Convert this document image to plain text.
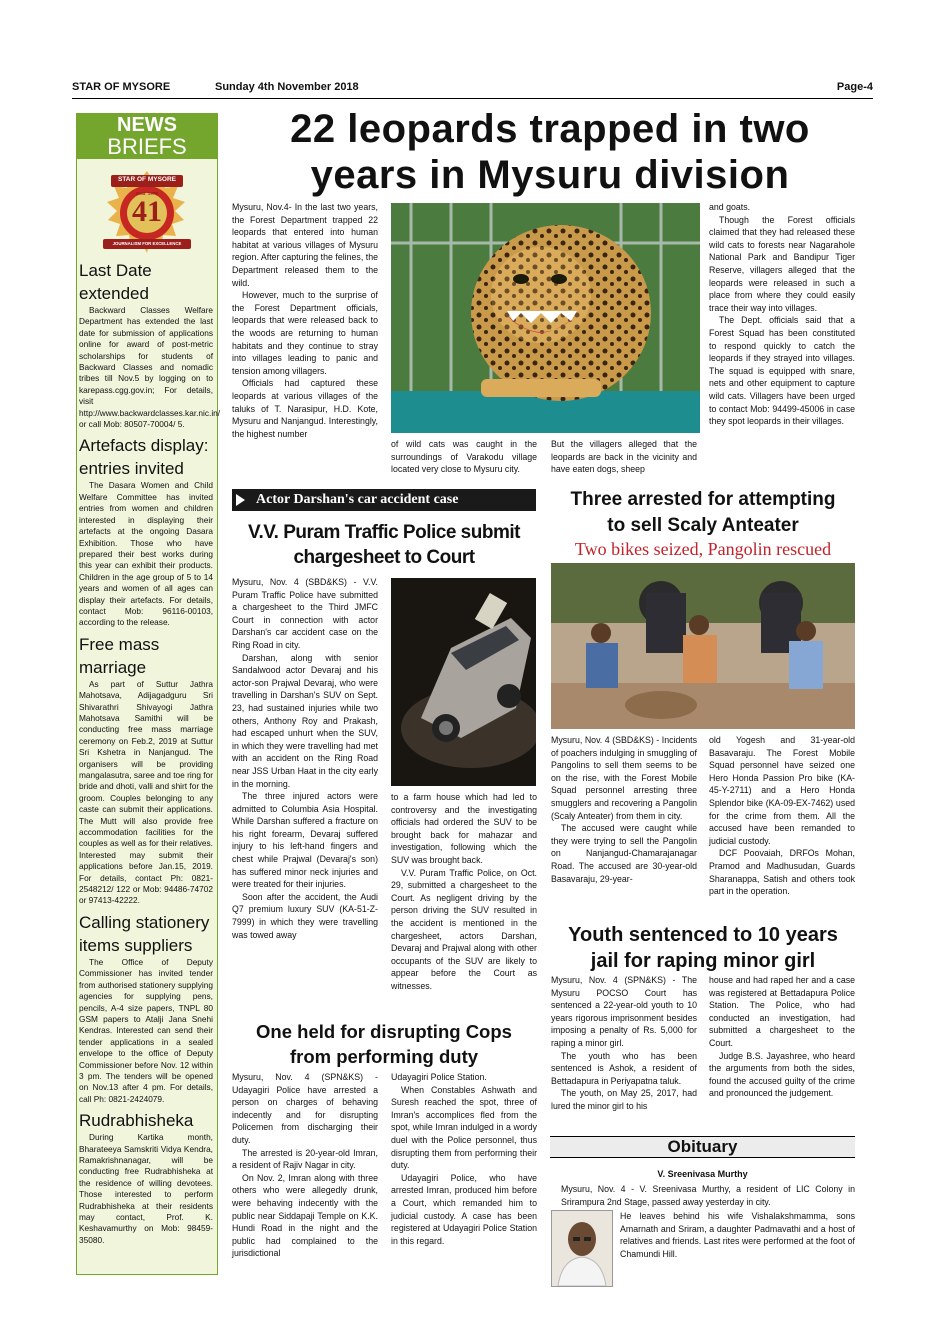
STAR OF MYSORE	Sunday 4th November 2018	Page-4
NEWS
BRIEFS
STAR OF MYSORE
Estd. 1978
41
JOURNALISM FOR EXCELLENCE
Last Date extended

Backward Classes Welfare Department has extended the last date for submission of applications online for award of post-metric scholarships for students of Backward Classes and nomadic tribes till Nov.5 by logging on to karepass.cgg.gov.in; For details, visit http://www.backwardclasses.kar.nic.in/ or call Mob: 80507-70004/ 5.

Artefacts display: entries invited

The Dasara Women and Child Welfare Committee has invited entries from women and children interested in displaying their artefacts at the ongoing Dasara Exhibition. Those who have prepared their best works during this year can exhibit their products. Children in the age group of 5 to 14 years and women of all ages can display their artefacts. For details, contact Mob: 96116-00103, according to the release.

Free mass marriage

As part of Suttur Jathra Mahotsava, Adijagadguru Sri Shivarathri Shivayogi Jathra Mahotsava Samithi will be conducting free mass marriage ceremony on Feb.2, 2019 at Suttur Sri Kshetra in Nanjangud. The organisers will be providing mangalasutra, saree and toe ring for bride and dhoti, valli and shirt for the groom. Couples belonging to any caste can submit their applications. The Mutt will also provide free accommodation facilities for the couples as well as for their relatives. Interested may submit their applications before Jan.15, 2019. For details, contact Ph: 0821-2548212/ 122 or Mob: 94486-74702 or 97413-42222.

Calling stationery items suppliers

The Office of Deputy Commissioner has invited tender from authorised stationery supplying agencies for supplying pens, pencils, A-4 size papers, TNPL 80 GSM papers to Atalji Jana Snehi Kendras. Interested can send their tender applications in a sealed envelope to the office of Deputy Commissioner before Nov. 12 within 3 pm. The tenders will be opened on Nov.13 after 4 pm. For details, call Ph: 0821-2424079.

Rudrabhisheka

During Kartika month, Bharateeya Samskriti Vidya Kendra, Ramakrishnanagar, will be conducting free Rudrabhisheka at the residence of willing devotees. Those interested to perform Rudrabhisheka at their residents may contact, Prof. K. Keshavamurthy on Mob: 98459-35080.

22 leopards trapped in two
years in Mysuru division

Mysuru, Nov.4- In the last two years, the Forest Department trapped 22 leopards that entered into human habitat at various villages of Mysuru region. After capturing the felines, the Department released them to the wild.

However, much to the surprise of the Forest Department officials, leopards that were released back to the woods are returning to human habitats and they continue to stray into villages leading to panic and tension among villagers.

Officials had captured these leopards at various villages of the taluks of T. Narasipur, H.D. Kote, Mysuru and Nanjangud. Interestingly, the highest number

of wild cats was caught in the surroundings of Varakodu village located very close to Mysuru city.

But the villagers alleged that the leopards are back in the vicinity and have eaten dogs, sheep

and goats.

Though the Forest officials claimed that they had released these wild cats to forests near Nagarahole National Park and Bandipur Tiger Reserve, villagers alleged that the leopards were released in such a place from where they could easily trace their way into villages.

The Dept. officials said that a Forest Squad has been constituted to respond quickly to catch the leopards if they strayed into villages. The squad is equipped with snare, nets and other equipment to capture wild cats. Villagers have been urged to contact Mob: 94499-45006 in case they spot leopards in their villages.

Actor Darshan's car accident case
V.V. Puram Traffic Police submit
chargesheet to Court

Mysuru, Nov. 4 (SBD&KS) - V.V. Puram Traffic Police have submitted a chargesheet to the Third JMFC Court in connection with actor Darshan's car accident case on the Ring Road in city.

Darshan, along with senior Sandalwood actor Devaraj and his actor-son Prajwal Devaraj, who were travelling in Darshan's SUV on Sept. 23, had sustained injuries while two others, Anthony Roy and Prakash, had escaped unhurt when the SUV, in which they were travelling had met with an accident on the Ring Road near JSS Urban Haat in the city early in the morning.

The three injured actors were admitted to Columbia Asia Hospital. While Darshan suffered a fracture on his right forearm, Devaraj suffered injury to his left-hand fingers and chest while Prajwal (Devaraj's son) has suffered minor neck injuries and were treated for their injuries.

Soon after the accident, the Audi Q7 premium luxury SUV (KA-51-Z-7999) in which they were travelling was towed away

to a farm house which had led to controversy and the investigating officials had ordered the SUV to be brought back for mahazar and investigation, following which the SUV was brought back.

V.V. Puram Traffic Police, on Oct. 29, submitted a chargesheet to the Court. As negligent driving by the person driving the SUV resulted in the accident is mentioned in the chargesheet, actors Darshan, Devaraj and Prajwal along with other occupants of the SUV are likely to appear before the Court as witnesses.

One held for disrupting Cops
from performing duty

Mysuru, Nov. 4 (SPN&KS) - Udayagiri Police have arrested a person on charges of behaving indecently and for disrupting Policemen from discharging their duty.

The arrested is 20-year-old Imran, a resident of Rajiv Nagar in city.

On Nov. 2, Imran along with three others who were allegedly drunk, were behaving indecently with the public near Siddapaji Temple on K.K. Hundi Road in the night and the public had complained to the jurisdictional

Udayagiri Police Station.

When Constables Ashwath and Suresh reached the spot, three of Imran's accomplices fled from the spot, while Imran indulged in a wordy duel with the Police personnel, thus disrupting them from performing their duty.

Udayagiri Police, who have arrested Imran, produced him before a Court, which remanded him to judicial custody. A case has been registered at Udayagiri Police Station in this regard.

Three arrested for attempting
to sell Scaly Anteater
Two bikes seized, Pangolin rescued

Mysuru, Nov. 4 (SBD&KS) - Incidents of poachers indulging in smuggling of Pangolins to sell them seems to be on the rise, with the Forest Mobile Squad personnel arresting three smugglers and recovering a Pangolin (Scaly Anteater) from them in city.

The accused were caught while they were trying to sell the Pangolin on Nanjangud-Chamarajanagar Road. The accused are 30-year-old Basavaraju, 29-year-

old Yogesh and 31-year-old Basavaraju. The Forest Mobile Squad personnel have seized one Hero Honda Passion Pro bike (KA-45-Y-2711) and a Hero Honda Splendor bike (KA-09-EX-7462) used for the crime from them. All the accused have been remanded to judicial custody.

DCF Poovaiah, DRFOs Mohan, Pramod and Madhusudan, Guards Sharanappa, Satish and others took part in the operation.

Youth sentenced to 10 years
jail for raping minor girl

Mysuru, Nov. 4 (SPN&KS) - The Mysuru POCSO Court has sentenced a 22-year-old youth to 10 years rigorous imprisonment besides imposing a penalty of Rs. 5,000 for raping a minor girl.

The youth who has been sentenced is Ashok, a resident of Bettadapura in Periyapatna taluk.

The youth, on May 25, 2017, had lured the minor girl to his

house and had raped her and a case was registered at Bettadapura Police Station. The Police, who had conducted an investigation, had submitted a chargesheet to the Court.

Judge B.S. Jayashree, who heard the arguments from both the sides, found the accused guilty of the crime and pronounced the judgement.

Obituary
V. Sreenivasa Murthy
Mysuru, Nov. 4 - V. Sreenivasa Murthy, a resident of LIC Colony in Srirampura 2nd Stage, passed away yesterday in city.
He leaves behind his wife Vishalakshmamma, sons Amarnath and Sriram, a daughter Padmavathi and a host of relatives and friends. Last rites were performed at the foot of Chamundi Hill.
